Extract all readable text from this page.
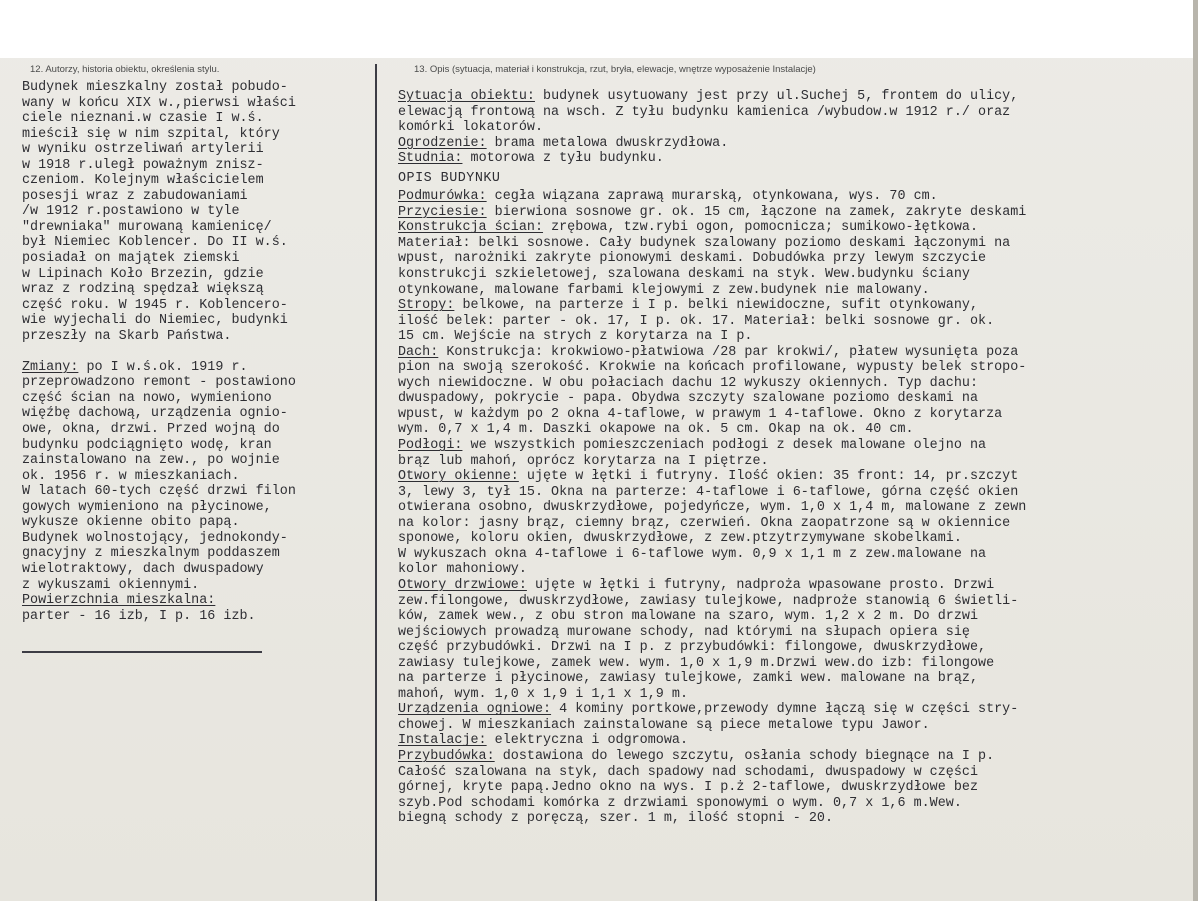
12. Autorzy, historia obiektu, określenia stylu.	13. Opis (sytuacja, materiał i konstrukcja, rzut, bryła, elewacje, wnętrze wyposażenie Instalacje)
Budynek mieszkalny został pobudo-
wany w końcu XIX w.,pierwsi właści
ciele nieznani.w czasie I w.ś.
mieścił się w nim szpital, który
w wyniku ostrzeliwań artylerii
w 1918 r.uległ poważnym znisz-
czeniom. Kolejnym właścicielem
posesji wraz z zabudowaniami
/w 1912 r.postawiono w tyle
"drewniaka" murowaną kamienicę/
był Niemiec Koblencer. Do II w.ś.
posiadał on majątek ziemski
w Lipinach Koło Brzezin, gdzie
wraz z rodziną spędzał większą
część roku. W 1945 r. Koblencero-
wie wyjechali do Niemiec, budynki
przeszły na Skarb Państwa.
Zmiany: po I w.ś.ok. 1919 r.
przeprowadzono remont - postawiono
część ścian na nowo, wymieniono
więźbę dachową, urządzenia ognio-
owe, okna, drzwi. Przed wojną do
budynku podciągnięto wodę, kran
zainstalowano na zew., po wojnie
ok. 1956 r. w mieszkaniach.
W latach 60-tych część drzwi filon
gowych wymieniono na płycinowe,
wykusze okienne obito papą.
Budynek wolnostojący, jednokondy-
gnacyjny z mieszkalnym poddaszem
wielotraktowy, dach dwuspadowy
z wykuszami okiennymi.
Powierzchnia mieszkalna:
parter - 16 izb, I p. 16 izb.
Sytuacja obiektu: budynek usytuowany jest przy ul.Suchej 5, frontem do ulicy,
elewacją frontową na wsch. Z tyłu budynku kamienica /wybudow.w 1912 r./ oraz
komórki lokatorów.
Ogrodzenie: brama metalowa dwuskrzydłowa.
Studnia: motorowa z tyłu budynku.
OPIS BUDYNKU
Podmurówka: cegła wiązana zaprawą murarską, otynkowana, wys. 70 cm.
Przyciesie: bierwiona sosnowe gr. ok. 15 cm, łączone na zamek, zakryte deskami
Konstrukcja ścian: zrębowa, tzw.rybi ogon, pomocnicza; sumikowo-łętkowa.
Materiał: belki sosnowe. Cały budynek szalowany poziomo deskami łączonymi na
wpust, narożniki zakryte pionowymi deskami. Dobudówka przy lewym szczycie
konstrukcji szkieletowej, szalowana deskami na styk. Wew.budynku ściany
otynkowane, malowane farbami klejowymi z zew.budynek nie malowany.
Stropy: belkowe, na parterze i I p. belki niewidoczne, sufit otynkowany,
ilość belek: parter - ok. 17, I p. ok. 17. Materiał: belki sosnowe gr. ok.
15 cm. Wejście na strych z korytarza na I p.
Dach: Konstrukcja: krokwiowo-płatwiowa /28 par krokwi/, płatew wysunięta poza
pion na swoją szerokość. Krokwie na końcach profilowane, wypusty belek stropo-
wych niewidoczne. W obu połaciach dachu 12 wykuszy okiennych. Typ dachu:
dwuspadowy, pokrycie - papa. Obydwa szczyty szalowane poziomo deskami na
wpust, w każdym po 2 okna 4-taflowe, w prawym 1 4-taflowe. Okno z korytarza
wym. 0,7 x 1,4 m. Daszki okapowe na ok. 5 cm. Okap na ok. 40 cm.
Podłogi: we wszystkich pomieszczeniach podłogi z desek malowane olejno na
brąz lub mahoń, oprócz korytarza na I piętrze.
Otwory okienne: ujęte w łętki i futryny. Ilość okien: 35 front: 14, pr.szczyt
3, lewy 3, tył 15. Okna na parterze: 4-taflowe i 6-taflowe, górna część okien
otwierana osobno, dwuskrzydłowe, pojedyńcze, wym. 1,0 x 1,4 m, malowane z zewn
na kolor: jasny brąz, ciemny brąz, czerwień. Okna zaopatrzone są w okiennice
sponowe, koloru okien, dwuskrzydłowe, z zew.ptzytrzymywane skobelkami.
W wykuszach okna 4-taflowe i 6-taflowe wym. 0,9 x 1,1 m z zew.malowane na
kolor mahoniowy.
Otwory drzwiowe: ujęte w łętki i futryny, nadproża wpasowane prosto. Drzwi
zew.filongowe, dwuskrzydłowe, zawiasy tulejkowe, nadproże stanowią 6 świetli-
ków, zamek wew., z obu stron malowane na szaro, wym. 1,2 x 2 m. Do drzwi
wejściowych prowadzą murowane schody, nad którymi na słupach opiera się
część przybudówki. Drzwi na I p. z przybudówki: filongowe, dwuskrzydłowe,
zawiasy tulejkowe, zamek wew. wym. 1,0 x 1,9 m.Drzwi wew.do izb: filongowe
na parterze i płycinowe, zawiasy tulejkowe, zamki wew. malowane na brąz,
mahoń, wym. 1,0 x 1,9 i 1,1 x 1,9 m.
Urządzenia ogniowe: 4 kominy portkowe,przewody dymne łączą się w części stry-
chowej. W mieszkaniach zainstalowane są piece metalowe typu Jawor.
Instalacje: elektryczna i odgromowa.
Przybudówka: dostawiona do lewego szczytu, osłania schody biegnące na I p.
Całość szalowana na styk, dach spadowy nad schodami, dwuspadowy w części
górnej, kryte papą.Jedno okno na wys. I p.ż 2-taflowe, dwuskrzydłowe bez
szyb.Pod schodami komórka z drzwiami sponowymi o wym. 0,7 x 1,6 m.Wew.
biegną schody z poręczą, szer. 1 m, ilość stopni - 20.
